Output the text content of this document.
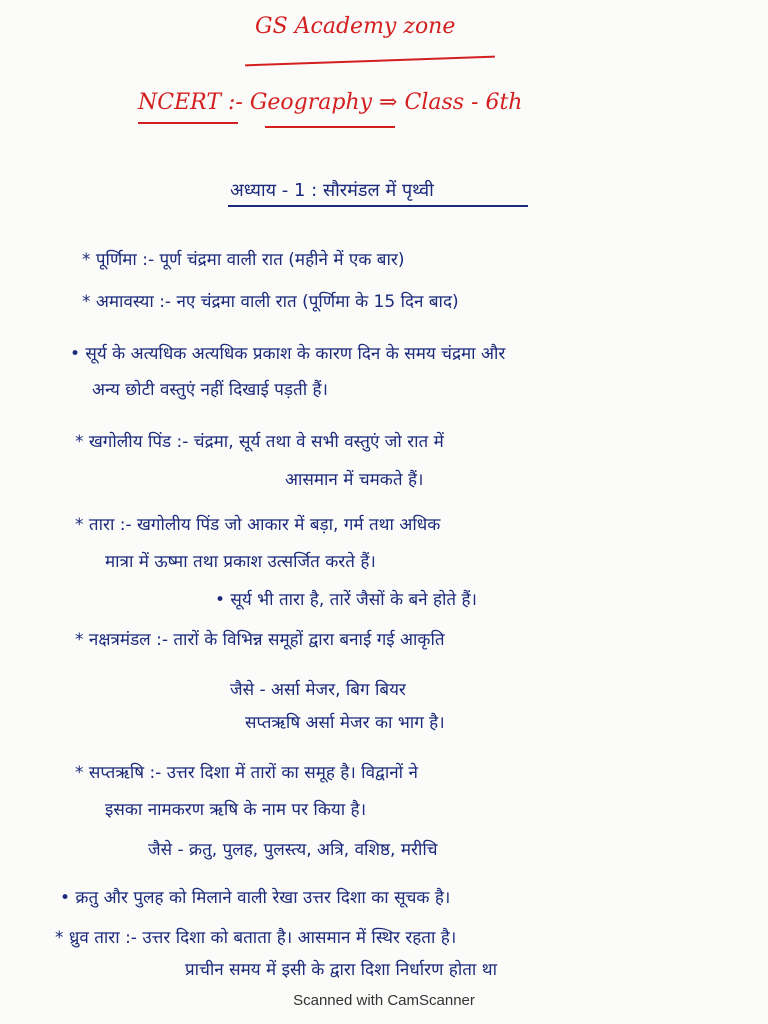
GS Academy zone
NCERT :- Geography ⇒ Class - 6th
अध्याय - 1 : सौरमंडल में पृथ्वी
* पूर्णिमा :- पूर्ण चंद्रमा वाली रात (महीने में एक बार)
* अमावस्या :- नए चंद्रमा वाली रात (पूर्णिमा के 15 दिन बाद)
• सूर्य के अत्यधिक अत्यधिक प्रकाश के कारण दिन के समय चंद्रमा और
अन्य छोटी वस्तुएं नहीं दिखाई पड़ती हैं।
* खगोलीय पिंड :- चंद्रमा, सूर्य तथा वे सभी वस्तुएं जो रात में
आसमान में चमकते हैं।
* तारा :- खगोलीय पिंड जो आकार में बड़ा, गर्म तथा अधिक
मात्रा में ऊष्मा तथा प्रकाश उत्सर्जित करते हैं।
• सूर्य भी तारा है, तारें जैसों के बने होते हैं।
* नक्षत्रमंडल :- तारों के विभिन्न समूहों द्वारा बनाई गई आकृति
जैसे - अर्सा मेजर, बिग बियर
सप्तऋषि अर्सा मेजर का भाग है।
* सप्तऋषि :- उत्तर दिशा में तारों का समूह है। विद्वानों ने
इसका नामकरण ऋषि के नाम पर किया है।
जैसे - क्रतु, पुलह, पुलस्त्य, अत्रि, वशिष्ठ, मरीचि
• क्रतु और पुलह को मिलाने वाली रेखा उत्तर दिशा का सूचक है।
* ध्रुव तारा :- उत्तर दिशा को बताता है। आसमान में स्थिर रहता है।
प्राचीन समय में इसी के द्वारा दिशा निर्धारण होता था
Scanned with CamScanner
